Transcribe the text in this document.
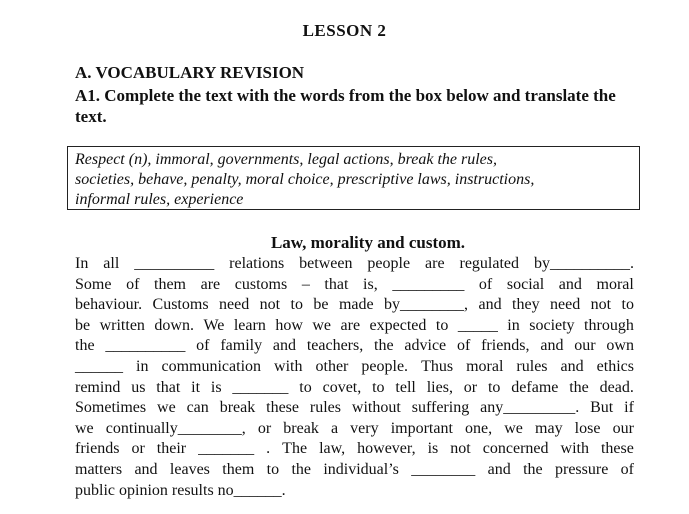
LESSON 2
A. VOCABULARY REVISION
A1. Complete the text with the words from the box below and translate the text.
Respect (n), immoral, governments, legal actions, break the rules,
societies, behave, penalty, moral choice, prescriptive laws, instructions,
informal rules, experience
Law, morality and custom.
In all __________ relations between people are regulated by__________.
Some of them are customs – that is, _________ of social and moral
behaviour. Customs need not to be made by________, and they need not to
be written down. We learn how we are expected to _____ in society through
the __________ of family and teachers, the advice of friends, and our own
______ in communication with other people. Thus moral rules and ethics
remind us that it is _______ to covet, to tell lies, or to defame the dead.
Sometimes we can break these rules without suffering any_________. But if
we continually________, or break a very important one, we may lose our
friends or their _______ . The law, however, is not concerned with these
matters and leaves them to the individual’s ________ and the pressure of
public opinion results no______.
